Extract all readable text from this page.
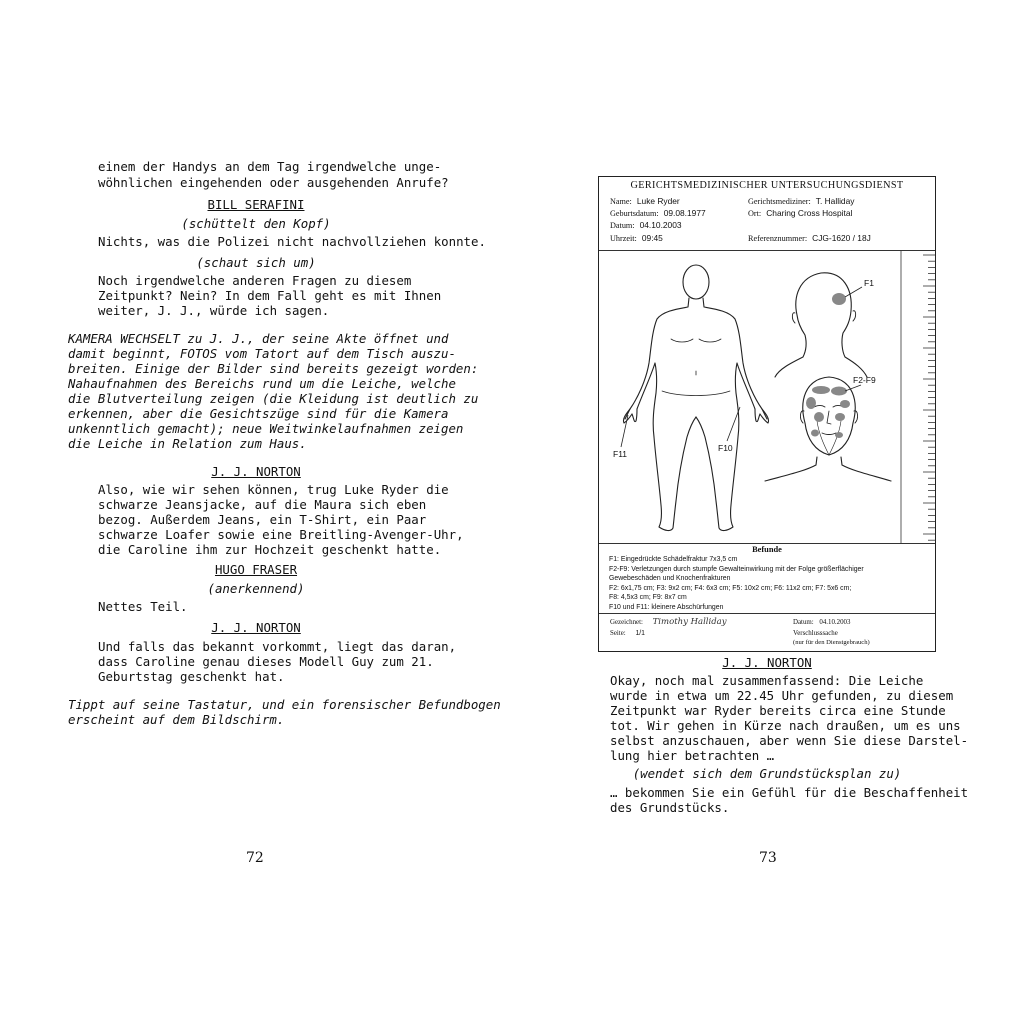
einem der Handys an dem Tag irgendwelche unge-
wöhnlichen eingehenden oder ausgehenden Anrufe?
BILL SERAFINI
(schüttelt den Kopf)
Nichts, was die Polizei nicht nachvollziehen konnte.
(schaut sich um)
Noch irgendwelche anderen Fragen zu diesem
Zeitpunkt? Nein? In dem Fall geht es mit Ihnen
weiter, J. J., würde ich sagen.
KAMERA WECHSELT zu J. J., der seine Akte öffnet und
damit beginnt, FOTOS vom Tatort auf dem Tisch auszu-
breiten. Einige der Bilder sind bereits gezeigt worden:
Nahaufnahmen des Bereichs rund um die Leiche, welche
die Blutverteilung zeigen (die Kleidung ist deutlich zu
erkennen, aber die Gesichtszüge sind für die Kamera
unkenntlich gemacht); neue Weitwinkelaufnahmen zeigen
die Leiche in Relation zum Haus.
J. J. NORTON
Also, wie wir sehen können, trug Luke Ryder die
schwarze Jeansjacke, auf die Maura sich eben
bezog. Außerdem Jeans, ein T-Shirt, ein Paar
schwarze Loafer sowie eine Breitling-Avenger-Uhr,
die Caroline ihm zur Hochzeit geschenkt hatte.
HUGO FRASER
(anerkennend)
Nettes Teil.
J. J. NORTON
Und falls das bekannt vorkommt, liegt das daran,
dass Caroline genau dieses Modell Guy zum 21.
Geburtstag geschenkt hat.
Tippt auf seine Tastatur, und ein forensischer Befundbogen
erscheint auf dem Bildschirm.
72
GERICHTSMEDIZINISCHER UNTERSUCHUNGSDIENST
Name: Luke Ryder
Geburtsdatum: 09.08.1977
Datum: 04.10.2003
Uhrzeit: 09:45
Gerichtsmediziner: T. Halliday
Ort: Charing Cross Hospital
Referenznummer: CJG-1620 / 18J
F11
F10
F1
F2-F9
Befunde
F1: Eingedrückte Schädelfraktur 7x3,5 cm
F2-F9: Verletzungen durch stumpfe Gewalteinwirkung mit der Folge größerflächiger
Gewebeschäden und Knochenfrakturen
F2: 6x1,75 cm; F3: 9x2 cm; F4: 6x3 cm; F5: 10x2 cm; F6: 11x2 cm; F7: 5x6 cm;
F8: 4,5x3 cm; F9: 8x7 cm
F10 und F11: kleinere Abschürfungen
Gezeichnet: Timothy Halliday
Seite: 1/1
Datum: 04.10.2003
Verschlusssache
(nur für den Dienstgebrauch)
J. J. NORTON
Okay, noch mal zusammenfassend: Die Leiche
wurde in etwa um 22.45 Uhr gefunden, zu diesem
Zeitpunkt war Ryder bereits circa eine Stunde
tot. Wir gehen in Kürze nach draußen, um es uns
selbst anzuschauen, aber wenn Sie diese Darstel-
lung hier betrachten …
(wendet sich dem Grundstücksplan zu)
… bekommen Sie ein Gefühl für die Beschaffenheit
des Grundstücks.
73
